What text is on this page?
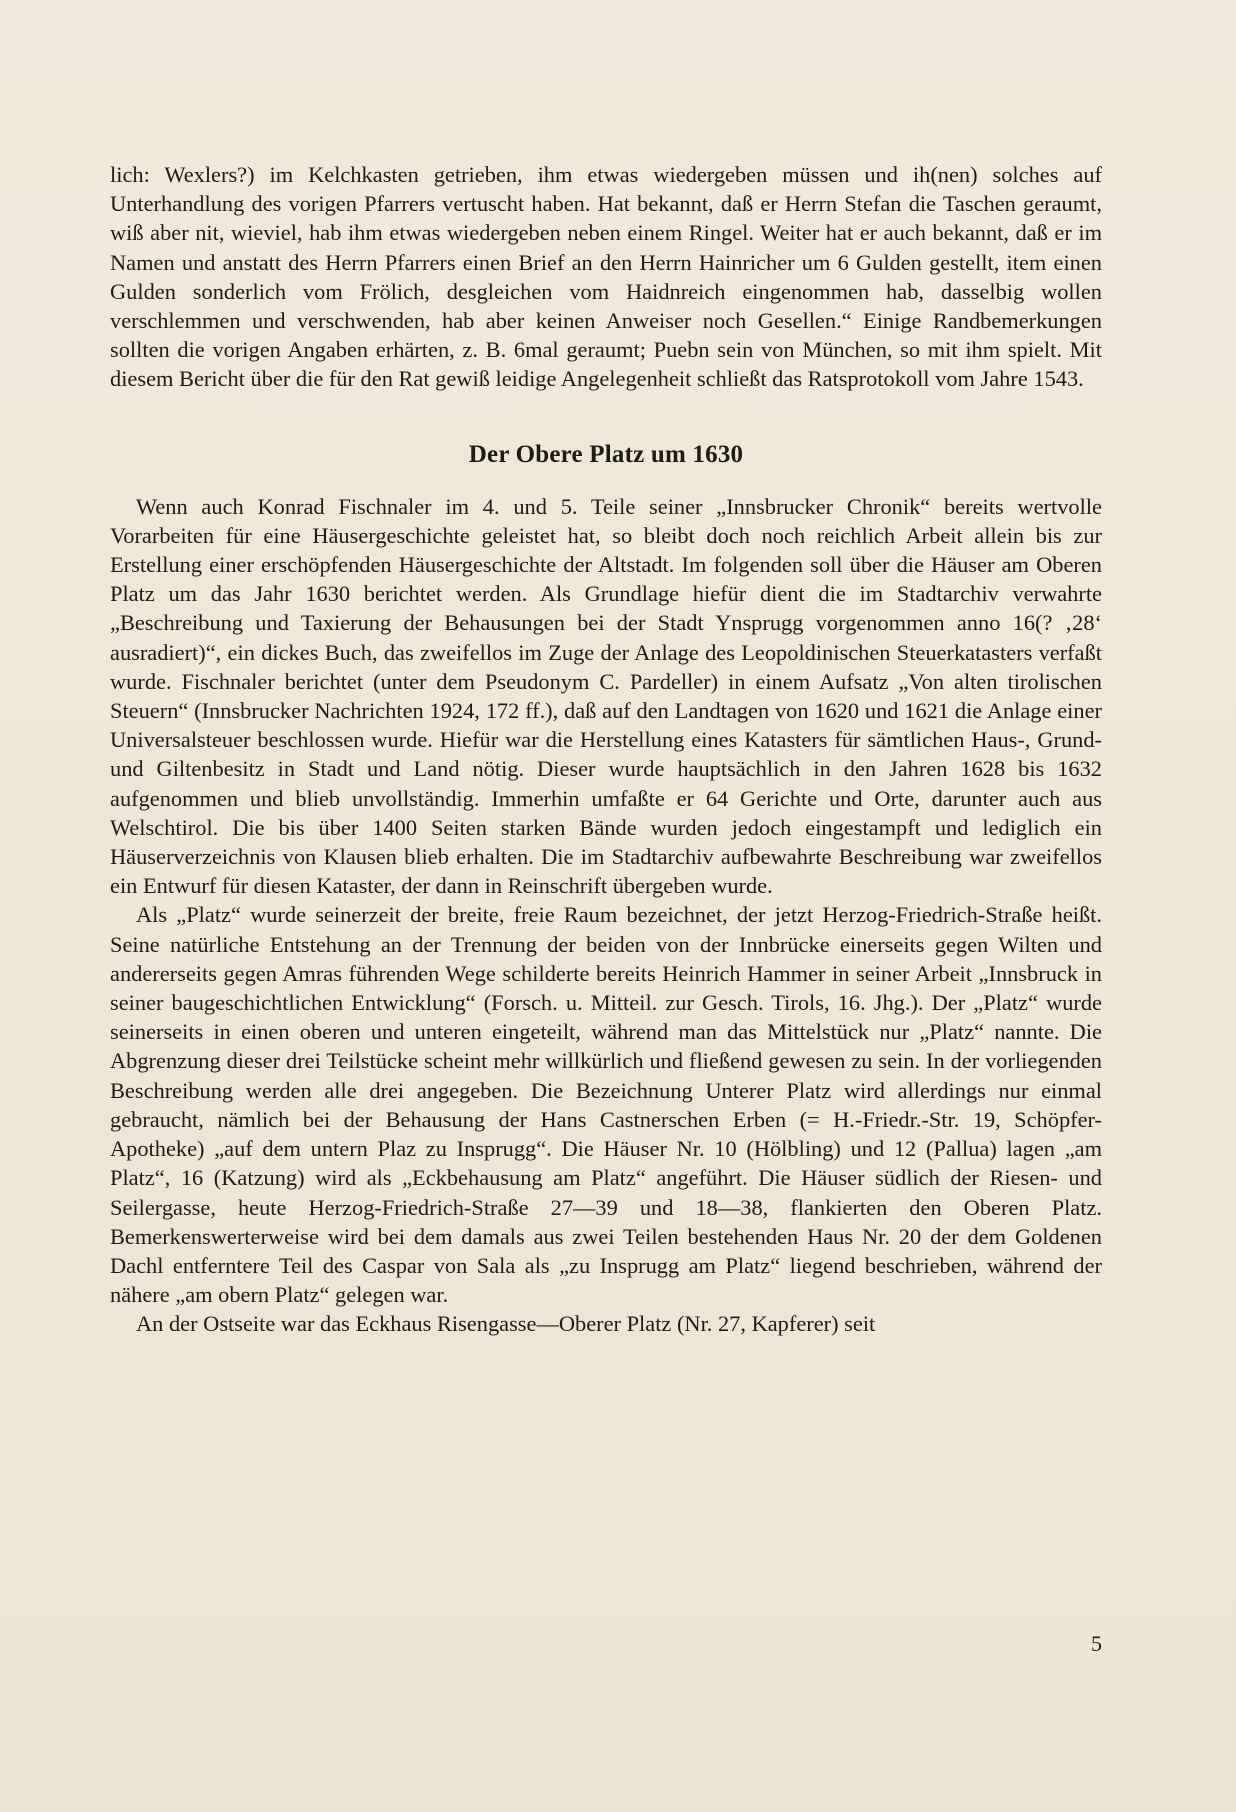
lich: Wexlers?) im Kelchkasten getrieben, ihm etwas wiedergeben müssen und ih(nen) solches auf Unterhandlung des vorigen Pfarrers vertuscht haben. Hat bekannt, daß er Herrn Stefan die Taschen geraumt, wiß aber nit, wieviel, hab ihm etwas wiedergeben neben einem Ringel. Weiter hat er auch bekannt, daß er im Namen und anstatt des Herrn Pfarrers einen Brief an den Herrn Hainricher um 6 Gulden gestellt, item einen Gulden sonderlich vom Frölich, desgleichen vom Haidnreich eingenommen hab, dasselbig wollen verschlemmen und verschwenden, hab aber keinen Anweiser noch Gesellen.“ Einige Randbemerkungen sollten die vorigen Angaben erhärten, z. B. 6mal geraumt; Puebn sein von München, so mit ihm spielt. Mit diesem Bericht über die für den Rat gewiß leidige Angelegenheit schließt das Ratsprotokoll vom Jahre 1543.

Der Obere Platz um 1630

Wenn auch Konrad Fischnaler im 4. und 5. Teile seiner „Innsbrucker Chronik“ bereits wertvolle Vorarbeiten für eine Häusergeschichte geleistet hat, so bleibt doch noch reichlich Arbeit allein bis zur Erstellung einer erschöpfenden Häusergeschichte der Altstadt. Im folgenden soll über die Häuser am Oberen Platz um das Jahr 1630 berichtet werden. Als Grundlage hiefür dient die im Stadtarchiv verwahrte „Beschreibung und Taxierung der Behausungen bei der Stadt Ynsprugg vorgenommen anno 16(? ‚28‘ ausradiert)“, ein dickes Buch, das zweifellos im Zuge der Anlage des Leopoldinischen Steuerkatasters verfaßt wurde. Fischnaler berichtet (unter dem Pseudonym C. Pardeller) in einem Aufsatz „Von alten tirolischen Steuern“ (Innsbrucker Nachrichten 1924, 172 ff.), daß auf den Landtagen von 1620 und 1621 die Anlage einer Universalsteuer beschlossen wurde. Hiefür war die Herstellung eines Katasters für sämtlichen Haus-, Grund- und Giltenbesitz in Stadt und Land nötig. Dieser wurde hauptsächlich in den Jahren 1628 bis 1632 aufgenommen und blieb unvollständig. Immerhin umfaßte er 64 Gerichte und Orte, darunter auch aus Welschtirol. Die bis über 1400 Seiten starken Bände wurden jedoch eingestampft und lediglich ein Häuserverzeichnis von Klausen blieb erhalten. Die im Stadtarchiv aufbewahrte Beschreibung war zweifellos ein Entwurf für diesen Kataster, der dann in Reinschrift übergeben wurde.

Als „Platz“ wurde seinerzeit der breite, freie Raum bezeichnet, der jetzt Herzog-Friedrich-Straße heißt. Seine natürliche Entstehung an der Trennung der beiden von der Innbrücke einerseits gegen Wilten und andererseits gegen Amras führenden Wege schilderte bereits Heinrich Hammer in seiner Arbeit „Innsbruck in seiner baugeschichtlichen Entwicklung“ (Forsch. u. Mitteil. zur Gesch. Tirols, 16. Jhg.). Der „Platz“ wurde seinerseits in einen oberen und unteren eingeteilt, während man das Mittelstück nur „Platz“ nannte. Die Abgrenzung dieser drei Teilstücke scheint mehr willkürlich und fließend gewesen zu sein. In der vorliegenden Beschreibung werden alle drei angegeben. Die Bezeichnung Unterer Platz wird allerdings nur einmal gebraucht, nämlich bei der Behausung der Hans Castnerschen Erben (= H.-Friedr.-Str. 19, Schöpfer-Apotheke) „auf dem untern Plaz zu Insprugg“. Die Häuser Nr. 10 (Hölbling) und 12 (Pallua) lagen „am Platz“, 16 (Katzung) wird als „Eckbehausung am Platz“ angeführt. Die Häuser südlich der Riesen- und Seilergasse, heute Herzog-Friedrich-Straße 27—39 und 18—38, flankierten den Oberen Platz. Bemerkenswerterweise wird bei dem damals aus zwei Teilen bestehenden Haus Nr. 20 der dem Goldenen Dachl entferntere Teil des Caspar von Sala als „zu Insprugg am Platz“ liegend beschrieben, während der nähere „am obern Platz“ gelegen war.

An der Ostseite war das Eckhaus Risengasse—Oberer Platz (Nr. 27, Kapferer) seit

5
